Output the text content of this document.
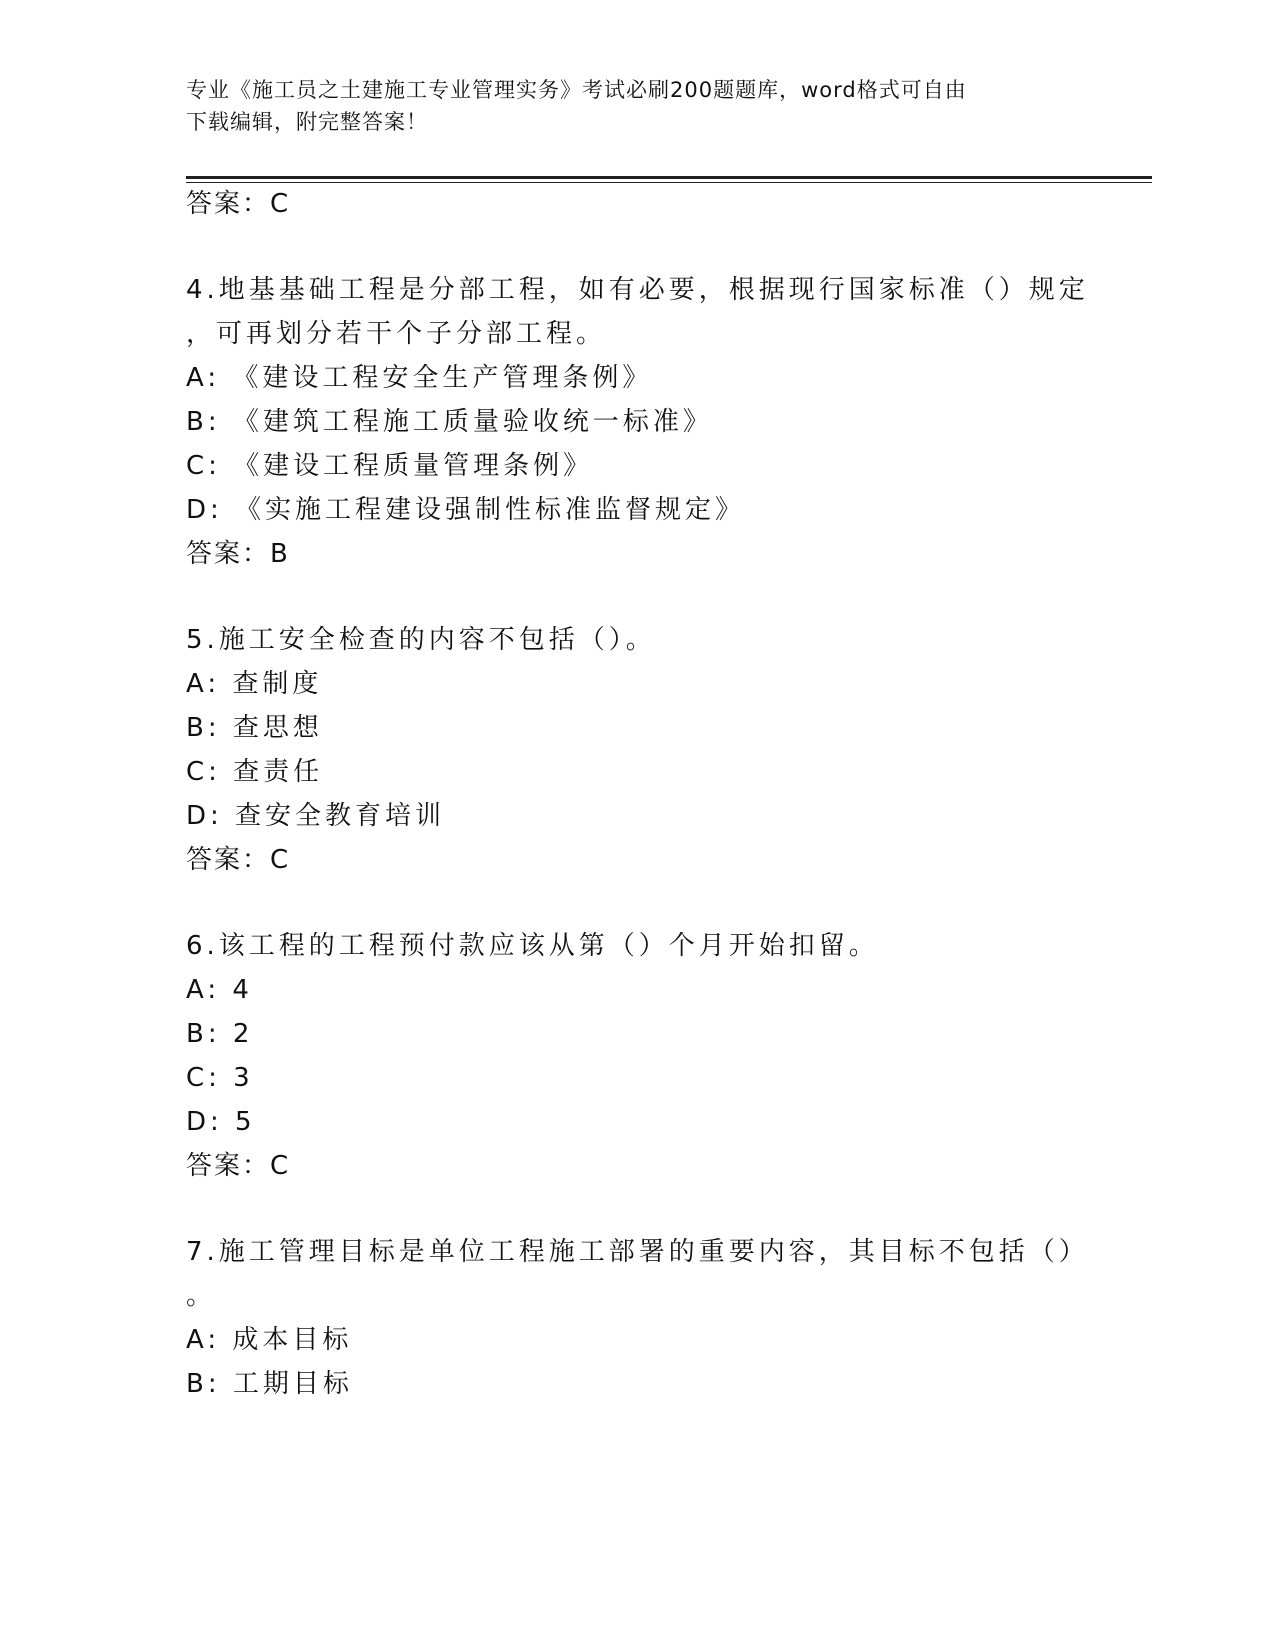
专业《施工员之土建施工专业管理实务》考试必刷200题题库，word格式可自由
下载编辑，附完整答案！
答案：C
4.地基基础工程是分部工程，如有必要，根据现行国家标准（）规定
，可再划分若干个子分部工程。
A: 《建设工程安全生产管理条例》
B: 《建筑工程施工质量验收统一标准》
C: 《建设工程质量管理条例》
D: 《实施工程建设强制性标准监督规定》
答案：B
5.施工安全检查的内容不包括（）。
A: 查制度
B: 查思想
C: 查责任
D: 查安全教育培训
答案：C
6.该工程的工程预付款应该从第（）个月开始扣留。
A: 4
B: 2
C: 3
D: 5
答案：C
7.施工管理目标是单位工程施工部署的重要内容，其目标不包括（）
。
A: 成本目标
B: 工期目标
